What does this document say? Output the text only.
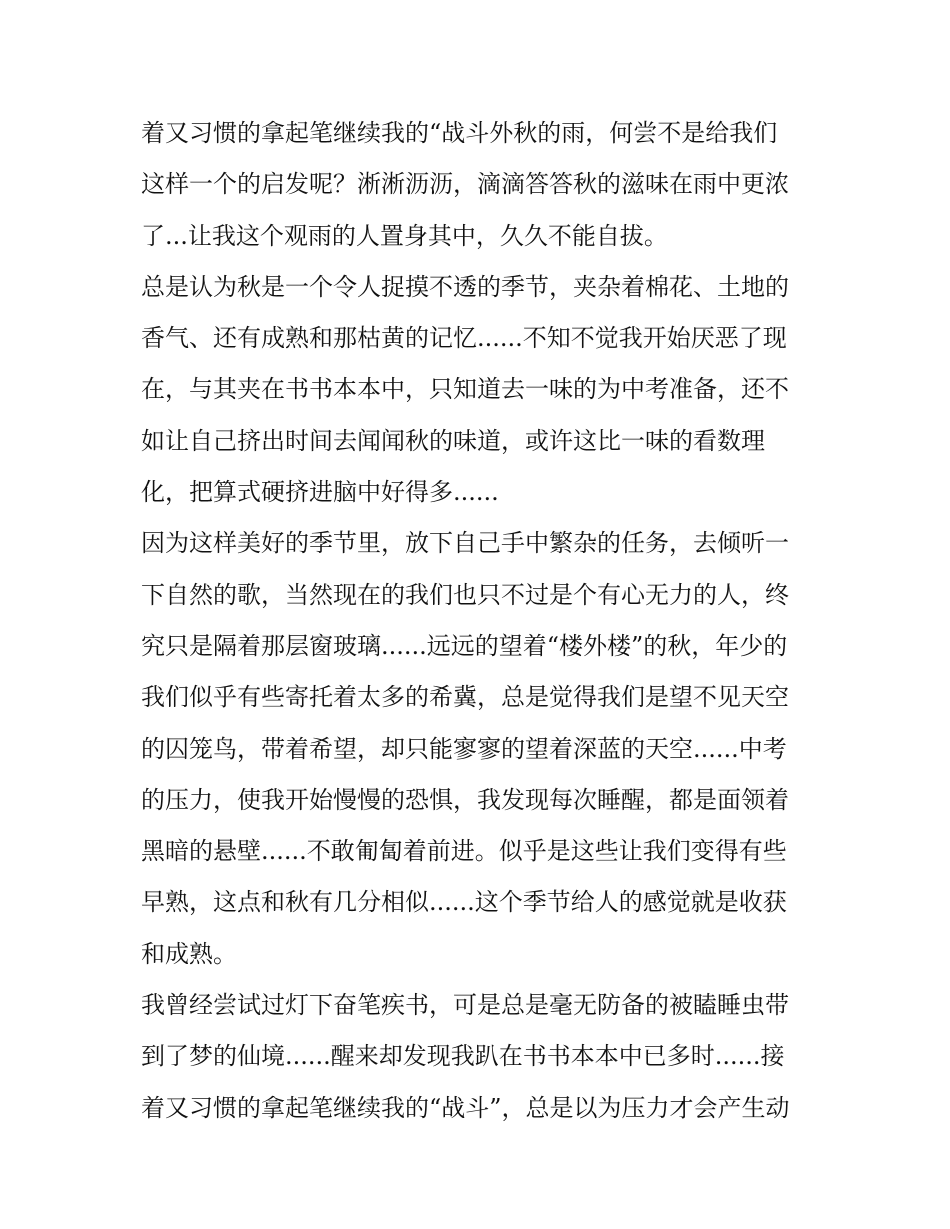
着又习惯的拿起笔继续我的“战斗外秋的雨，何尝不是给我们
这样一个的启发呢？淅淅沥沥，滴滴答答秋的滋味在雨中更浓
了...让我这个观雨的人置身其中，久久不能自拔。
总是认为秋是一个令人捉摸不透的季节，夹杂着棉花、土地的
香气、还有成熟和那枯黄的记忆......不知不觉我开始厌恶了现
在，与其夹在书书本本中，只知道去一味的为中考准备，还不
如让自己挤出时间去闻闻秋的味道，或许这比一味的看数理
化，把算式硬挤进脑中好得多......
因为这样美好的季节里，放下自己手中繁杂的任务，去倾听一
下自然的歌，当然现在的我们也只不过是个有心无力的人，终
究只是隔着那层窗玻璃......远远的望着“楼外楼”的秋，年少的
我们似乎有些寄托着太多的希冀，总是觉得我们是望不见天空
的囚笼鸟，带着希望，却只能寥寥的望着深蓝的天空......中考
的压力，使我开始慢慢的恐惧，我发现每次睡醒，都是面领着
黑暗的悬壁......不敢匍匐着前进。似乎是这些让我们变得有些
早熟，这点和秋有几分相似......这个季节给人的感觉就是收获
和成熟。
我曾经尝试过灯下奋笔疾书，可是总是毫无防备的被瞌睡虫带
到了梦的仙境......醒来却发现我趴在书书本本中已多时......接
着又习惯的拿起笔继续我的“战斗”，总是以为压力才会产生动
